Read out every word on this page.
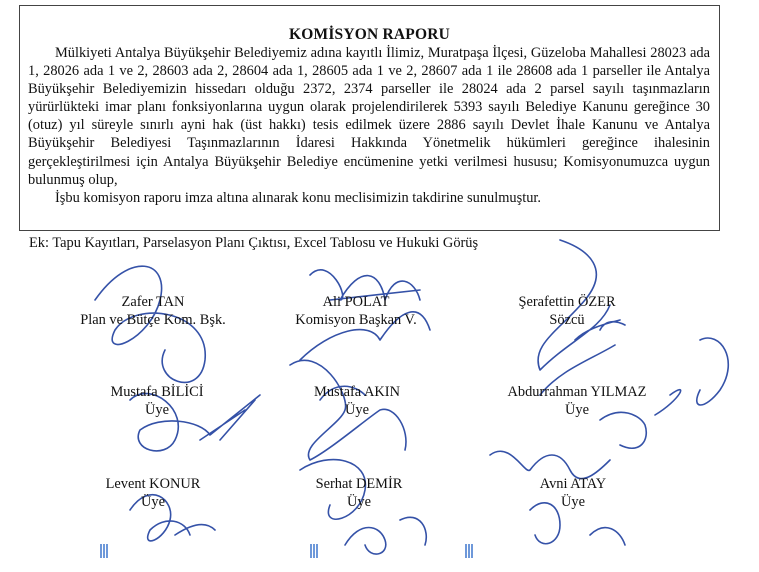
KOMİSYON RAPORU

Mülkiyeti Antalya Büyükşehir Belediyemiz adına kayıtlı İlimiz, Muratpaşa İlçesi, Güzeloba Mahallesi 28023 ada 1, 28026 ada 1 ve 2, 28603 ada 2, 28604 ada 1, 28605 ada 1 ve 2, 28607 ada 1 ile 28608 ada 1 parseller ile Antalya Büyükşehir Belediyemizin hissedarı olduğu 2372, 2374 parseller ile 28024 ada 2 parsel sayılı taşınmazların yürürlükteki imar planı fonksiyonlarına uygun olarak projelendirilerek 5393 sayılı Belediye Kanunu gereğince 30 (otuz) yıl süreyle sınırlı ayni hak (üst hakkı) tesis edilmek üzere 2886 sayılı Devlet İhale Kanunu ve Antalya Büyükşehir Belediyesi Taşınmazlarının İdaresi Hakkında Yönetmelik hükümleri gereğince ihalesinin gerçekleştirilmesi için Antalya Büyükşehir Belediye encümenine yetki verilmesi hususu; Komisyonumuzca uygun bulunmuş olup,

İşbu komisyon raporu imza altına alınarak konu meclisimizin takdirine sunulmuştur.

Ek: Tapu Kayıtları, Parselasyon Planı Çıktısı, Excel Tablosu ve Hukuki Görüş
Zafer TAN
Plan ve Bütçe Kom. Bşk.
Ali POLAT
Komisyon Başkan V.
Şerafettin ÖZER
Sözcü
Mustafa BİLİCİ
Üye
Mustafa AKIN
Üye
Abdurrahman YILMAZ
Üye
Levent KONUR
Üye
Serhat DEMİR
Üye
Avni ATAY
Üye
